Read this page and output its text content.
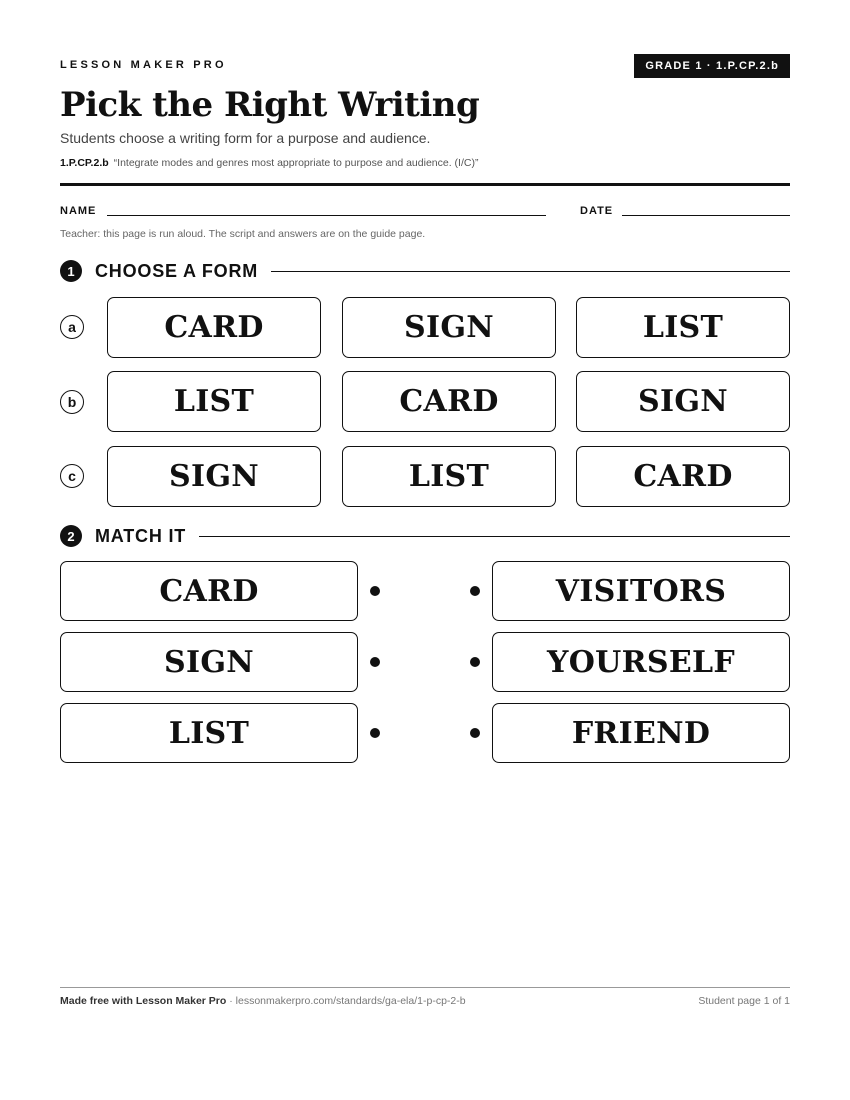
LESSON MAKER PRO	GRADE 1 · 1.P.CP.2.b
Pick the Right Writing
Students choose a writing form for a purpose and audience.
1.P.CP.2.b “Integrate modes and genres most appropriate to purpose and audience. (I/C)”
NAME	DATE
Teacher: this page is run aloud. The script and answers are on the guide page.
1	CHOOSE A FORM
a	CARD	SIGN	LIST
b	LIST	CARD	SIGN
c	SIGN	LIST	CARD
2	MATCH IT
CARD	VISITORS
SIGN	YOURSELF
LIST	FRIEND
Made free with Lesson Maker Pro · lessonmakerpro.com/standards/ga-ela/1-p-cp-2-b	Student page 1 of 1
